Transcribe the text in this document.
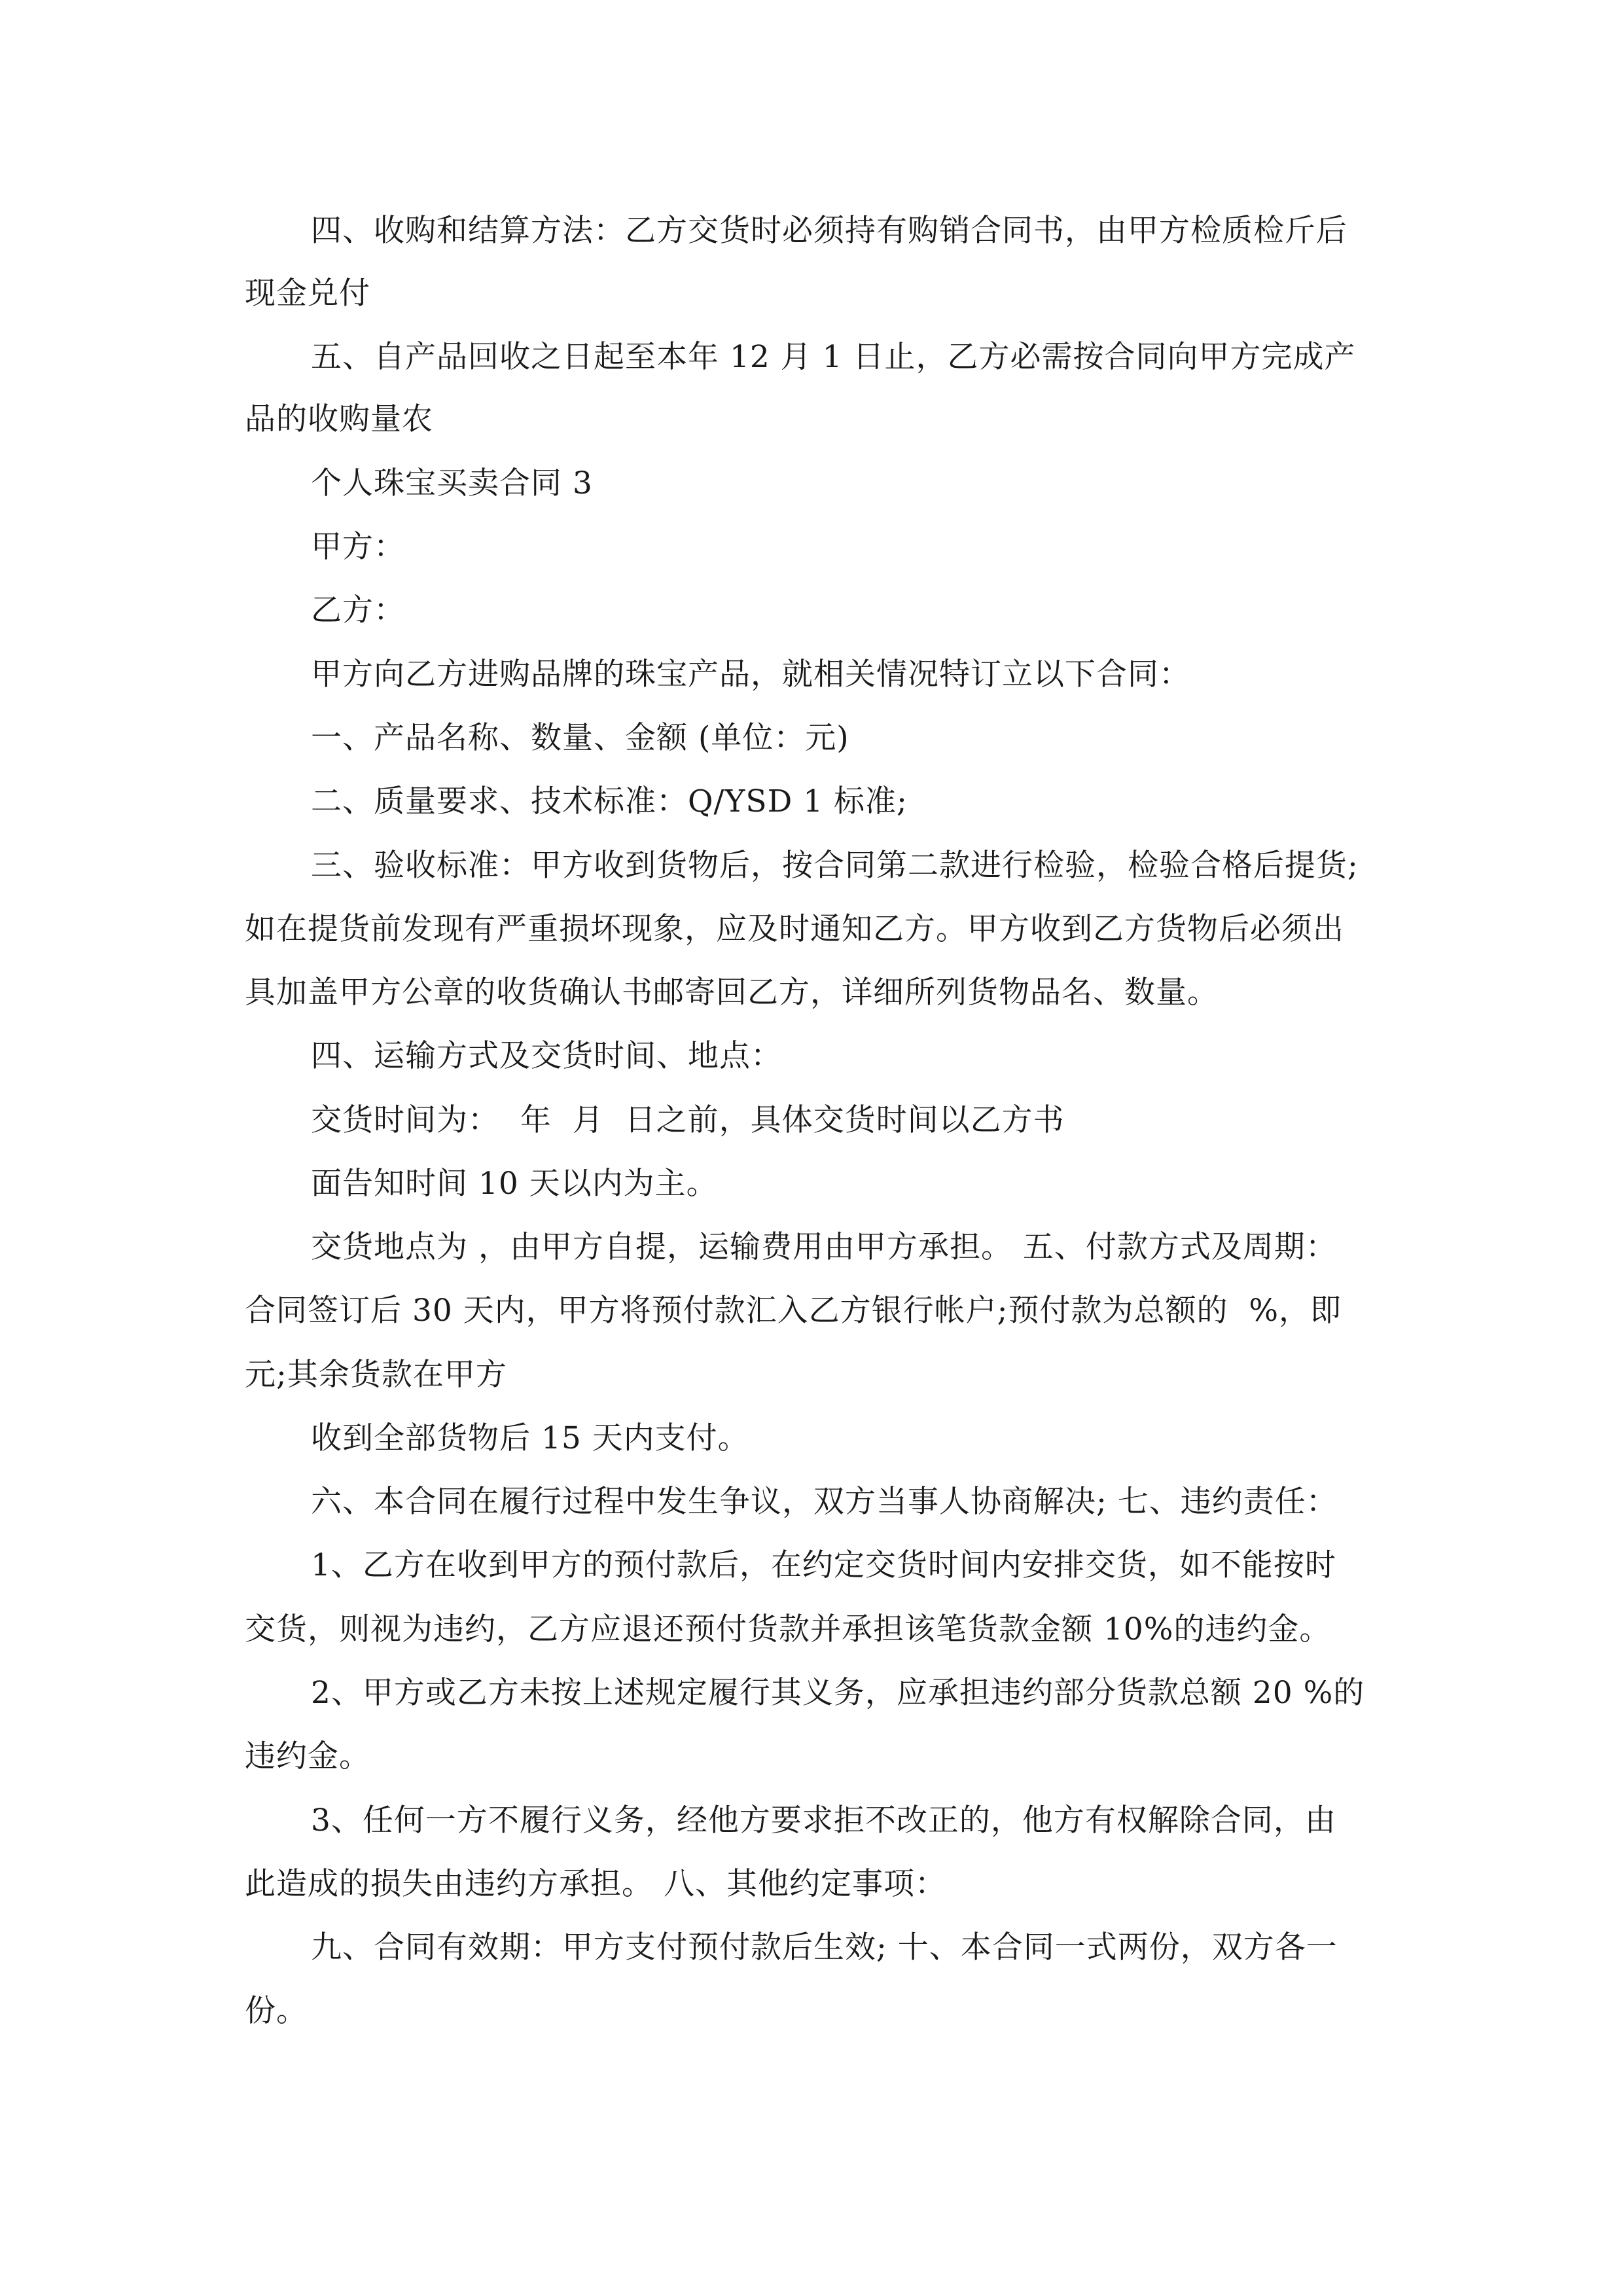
四、收购和结算方法：乙方交货时必须持有购销合同书，由甲方检质检斤后
现金兑付
五、自产品回收之日起至本年 12 月 1 日止，乙方必需按合同向甲方完成产
品的收购量农
个人珠宝买卖合同 3
甲方：
乙方：
甲方向乙方进购品牌的珠宝产品，就相关情况特订立以下合同：
一、产品名称、数量、金额 (单位：元)
二、质量要求、技术标准：Q/YSD 1 标准;
三、验收标准：甲方收到货物后，按合同第二款进行检验，检验合格后提货;
如在提货前发现有严重损坏现象，应及时通知乙方。甲方收到乙方货物后必须出
具加盖甲方公章的收货确认书邮寄回乙方，详细所列货物品名、数量。
四、运输方式及交货时间、地点：
交货时间为：  年  月  日之前，具体交货时间以乙方书
面告知时间 10 天以内为主。
交货地点为 ，由甲方自提，运输费用由甲方承担。 五、付款方式及周期：
合同签订后 30 天内，甲方将预付款汇入乙方银行帐户;预付款为总额的  %，即
元;其余货款在甲方
收到全部货物后 15 天内支付。
六、本合同在履行过程中发生争议，双方当事人协商解决; 七、违约责任：
1、乙方在收到甲方的预付款后，在约定交货时间内安排交货，如不能按时
交货，则视为违约，乙方应退还预付货款并承担该笔货款金额 10%的违约金。
2、甲方或乙方未按上述规定履行其义务，应承担违约部分货款总额 20 %的
违约金。
3、任何一方不履行义务，经他方要求拒不改正的，他方有权解除合同，由
此造成的损失由违约方承担。 八、其他约定事项：
九、合同有效期：甲方支付预付款后生效; 十、本合同一式两份，双方各一
份。
